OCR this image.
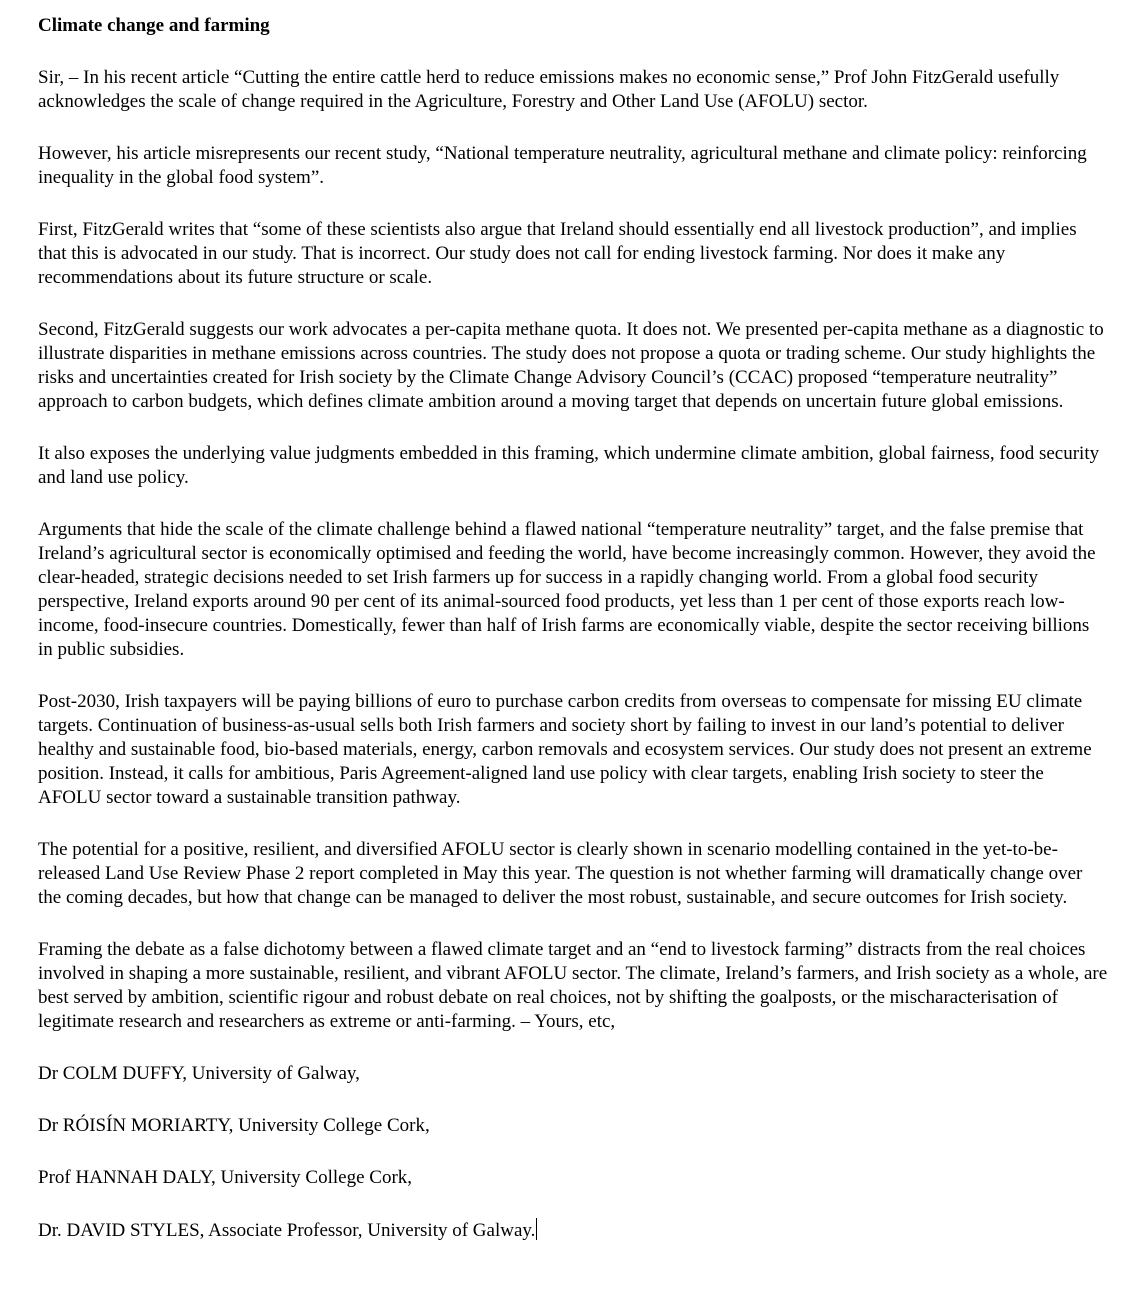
Climate change and farming

Sir, – In his recent article “Cutting the entire cattle herd to reduce emissions makes no economic sense,” Prof John FitzGerald usefully acknowledges the scale of change required in the Agriculture, Forestry and Other Land Use (AFOLU) sector.

However, his article misrepresents our recent study, “National temperature neutrality, agricultural methane and climate policy: reinforcing inequality in the global food system”.

First, FitzGerald writes that “some of these scientists also argue that Ireland should essentially end all livestock production”, and implies that this is advocated in our study. That is incorrect. Our study does not call for ending livestock farming. Nor does it make any recommendations about its future structure or scale.

Second, FitzGerald suggests our work advocates a per-capita methane quota. It does not. We presented per-capita methane as a diagnostic to illustrate disparities in methane emissions across countries. The study does not propose a quota or trading scheme. Our study highlights the risks and uncertainties created for Irish society by the Climate Change Advisory Council’s (CCAC) proposed “temperature neutrality” approach to carbon budgets, which defines climate ambition around a moving target that depends on uncertain future global emissions.

It also exposes the underlying value judgments embedded in this framing, which undermine climate ambition, global fairness, food security and land use policy.

Arguments that hide the scale of the climate challenge behind a flawed national “temperature neutrality” target, and the false premise that Ireland’s agricultural sector is economically optimised and feeding the world, have become increasingly common. However, they avoid the clear-headed, strategic decisions needed to set Irish farmers up for success in a rapidly changing world. From a global food security perspective, Ireland exports around 90 per cent of its animal-sourced food products, yet less than 1 per cent of those exports reach low-income, food-insecure countries. Domestically, fewer than half of Irish farms are economically viable, despite the sector receiving billions in public subsidies.

Post-2030, Irish taxpayers will be paying billions of euro to purchase carbon credits from overseas to compensate for missing EU climate targets. Continuation of business-as-usual sells both Irish farmers and society short by failing to invest in our land’s potential to deliver healthy and sustainable food, bio-based materials, energy, carbon removals and ecosystem services. Our study does not present an extreme position. Instead, it calls for ambitious, Paris Agreement-aligned land use policy with clear targets, enabling Irish society to steer the AFOLU sector toward a sustainable transition pathway.

The potential for a positive, resilient, and diversified AFOLU sector is clearly shown in scenario modelling contained in the yet-to-be-released Land Use Review Phase 2 report completed in May this year. The question is not whether farming will dramatically change over the coming decades, but how that change can be managed to deliver the most robust, sustainable, and secure outcomes for Irish society.

Framing the debate as a false dichotomy between a flawed climate target and an “end to livestock farming” distracts from the real choices involved in shaping a more sustainable, resilient, and vibrant AFOLU sector. The climate, Ireland’s farmers, and Irish society as a whole, are best served by ambition, scientific rigour and robust debate on real choices, not by shifting the goalposts, or the mischaracterisation of legitimate research and researchers as extreme or anti-farming. – Yours, etc,

Dr COLM DUFFY, University of Galway,

Dr RÓISÍN MORIARTY, University College Cork,

Prof HANNAH DALY, University College Cork,

Dr. DAVID STYLES, Associate Professor, University of Galway.
